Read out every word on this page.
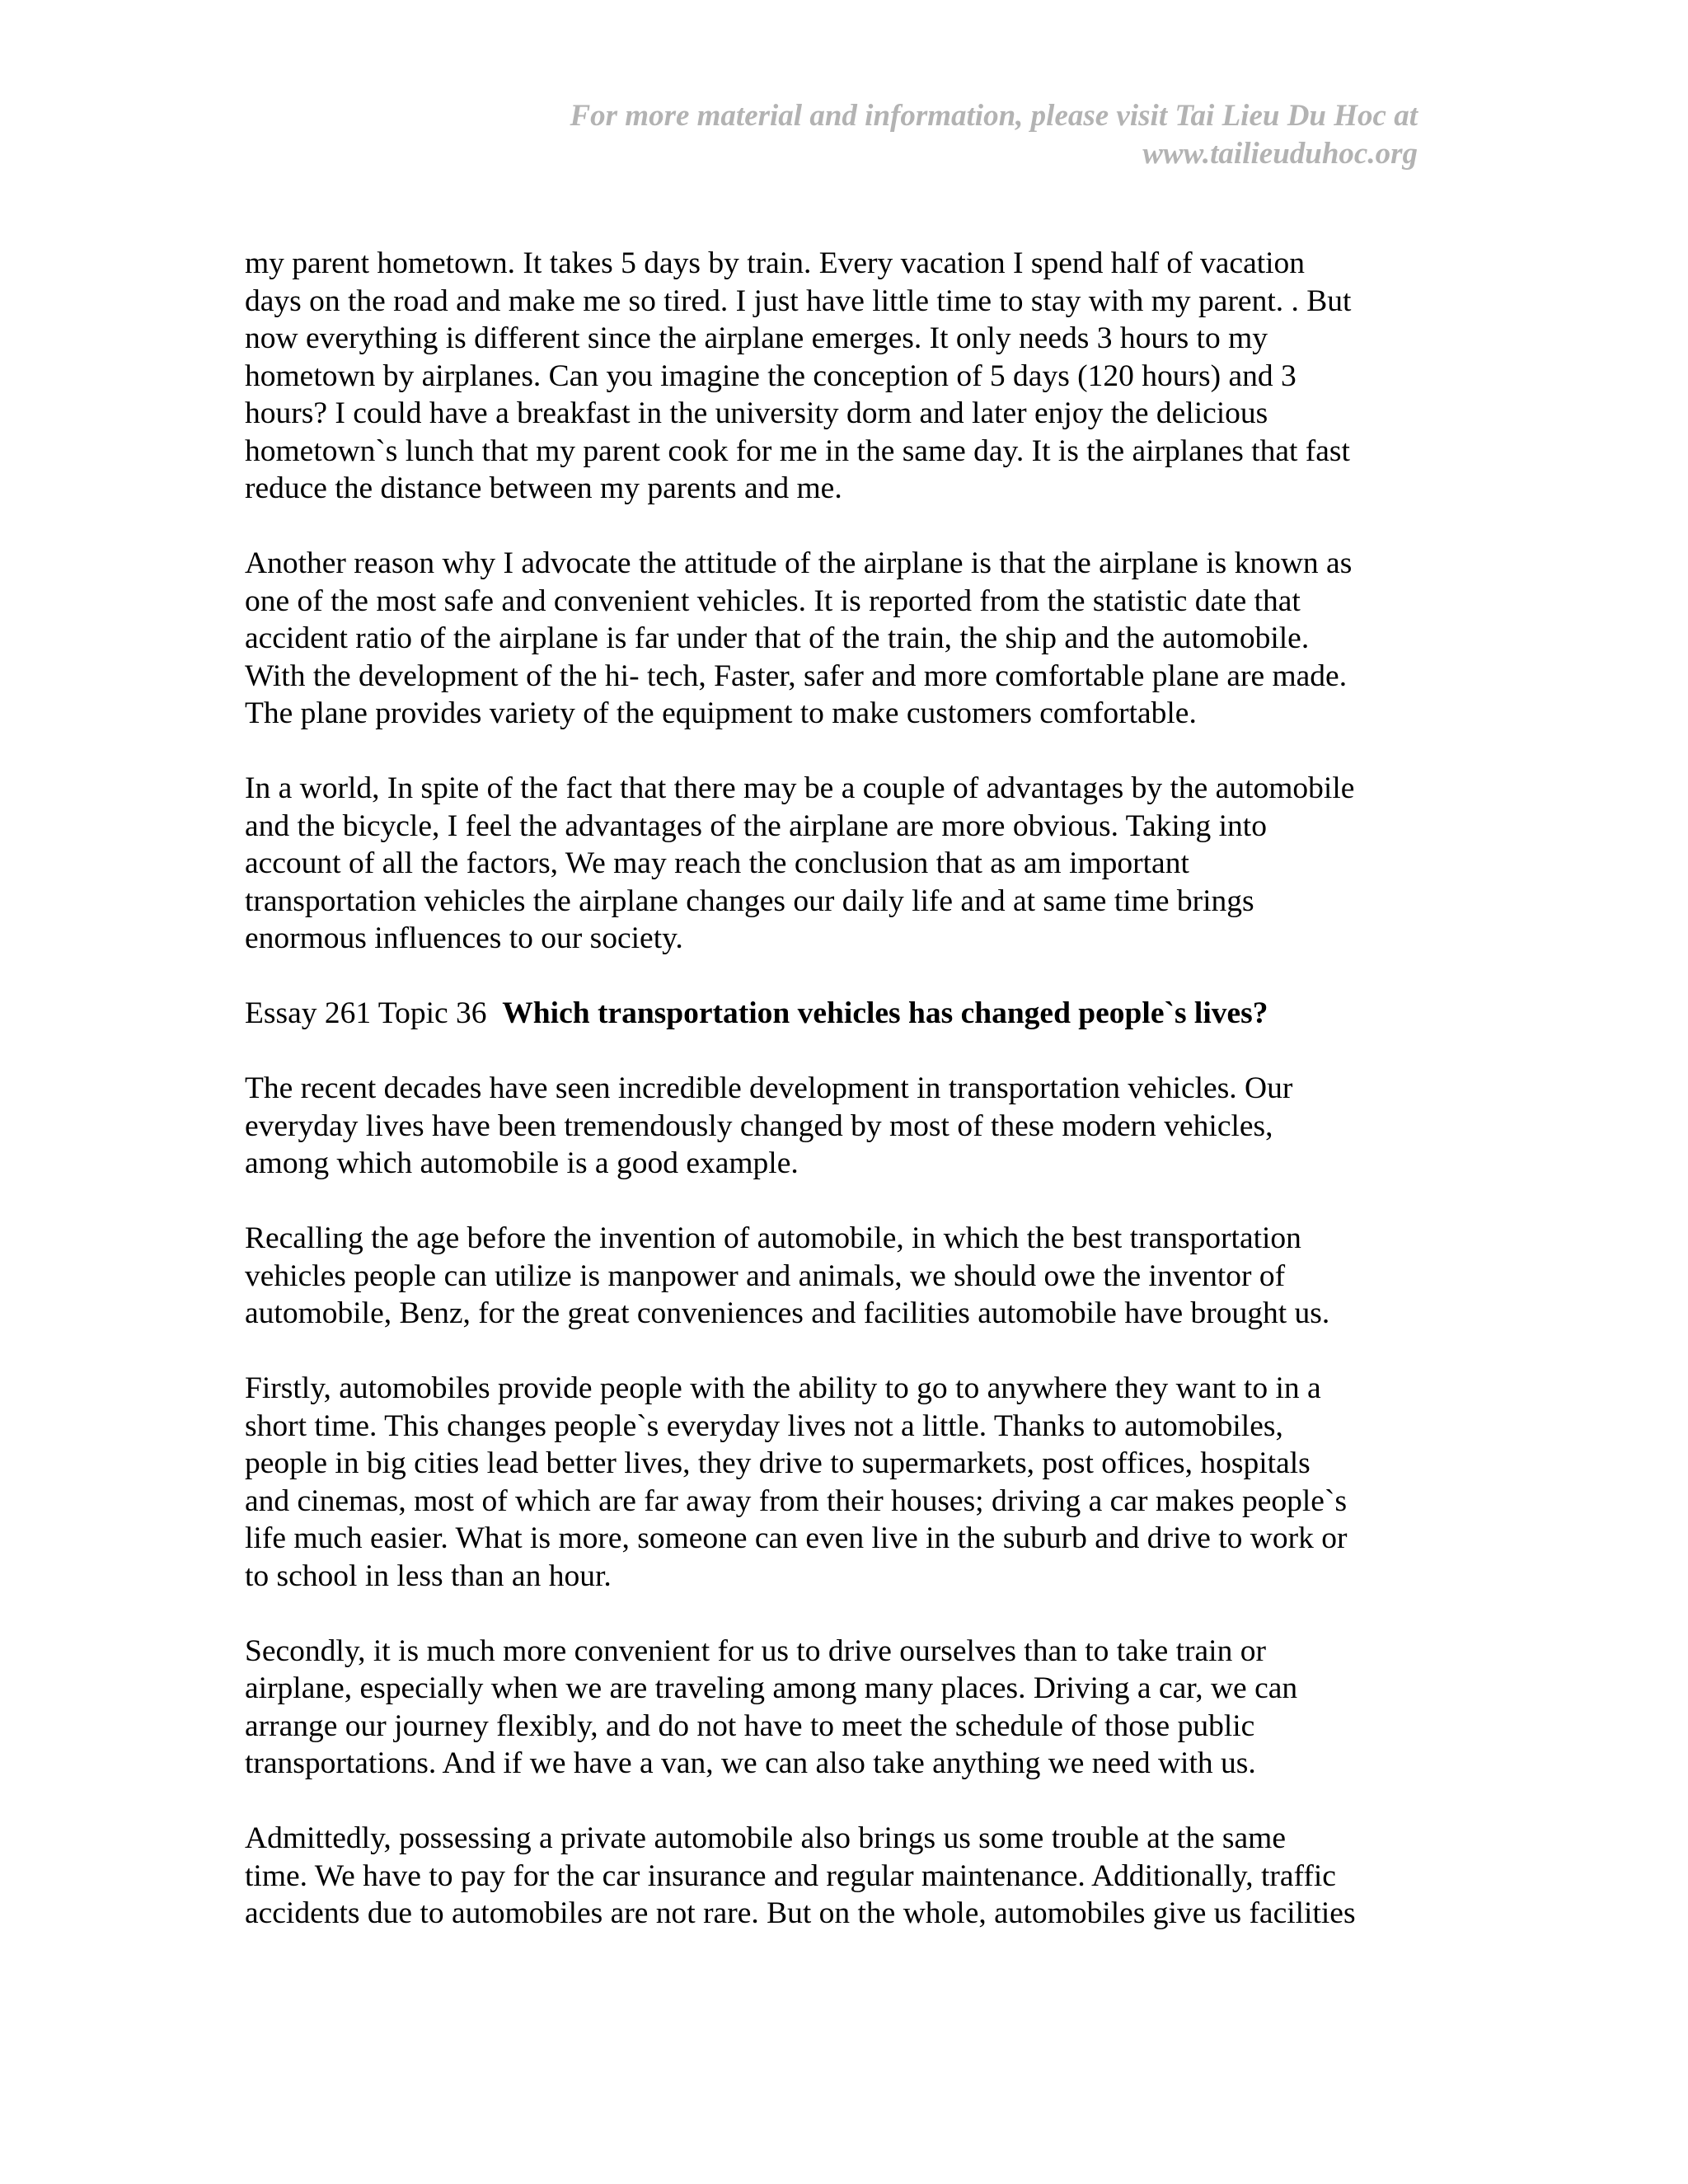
For more material and information, please visit Tai Lieu Du Hoc at
www.tailieuduhoc.org
my parent hometown. It takes 5 days by train. Every vacation I spend half of vacation
days on the road and make me so tired. I just have little time to stay with my parent. . But
now everything is different since the airplane emerges. It only needs 3 hours to my
hometown by airplanes. Can you imagine the conception of 5 days (120 hours) and 3
hours? I could have a breakfast in the university dorm and later enjoy the delicious
hometown`s lunch that my parent cook for me in the same day. It is the airplanes that fast
reduce the distance between my parents and me.
Another reason why I advocate the attitude of the airplane is that the airplane is known as
one of the most safe and convenient vehicles. It is reported from the statistic date that
accident ratio of the airplane is far under that of the train, the ship and the automobile.
With the development of the hi- tech, Faster, safer and more comfortable plane are made.
The plane provides variety of the equipment to make customers comfortable.
In a world, In spite of the fact that there may be a couple of advantages by the automobile
and the bicycle, I feel the advantages of the airplane are more obvious. Taking into
account of all the factors, We may reach the conclusion that as am important
transportation vehicles the airplane changes our daily life and at same time brings
enormous influences to our society.
Essay 261 Topic 36 Which transportation vehicles has changed people`s lives?
The recent decades have seen incredible development in transportation vehicles. Our
everyday lives have been tremendously changed by most of these modern vehicles,
among which automobile is a good example.
Recalling the age before the invention of automobile, in which the best transportation
vehicles people can utilize is manpower and animals, we should owe the inventor of
automobile, Benz, for the great conveniences and facilities automobile have brought us.
Firstly, automobiles provide people with the ability to go to anywhere they want to in a
short time. This changes people`s everyday lives not a little. Thanks to automobiles,
people in big cities lead better lives, they drive to supermarkets, post offices, hospitals
and cinemas, most of which are far away from their houses; driving a car makes people`s
life much easier. What is more, someone can even live in the suburb and drive to work or
to school in less than an hour.
Secondly, it is much more convenient for us to drive ourselves than to take train or
airplane, especially when we are traveling among many places. Driving a car, we can
arrange our journey flexibly, and do not have to meet the schedule of those public
transportations. And if we have a van, we can also take anything we need with us.
Admittedly, possessing a private automobile also brings us some trouble at the same
time. We have to pay for the car insurance and regular maintenance. Additionally, traffic
accidents due to automobiles are not rare. But on the whole, automobiles give us facilities
